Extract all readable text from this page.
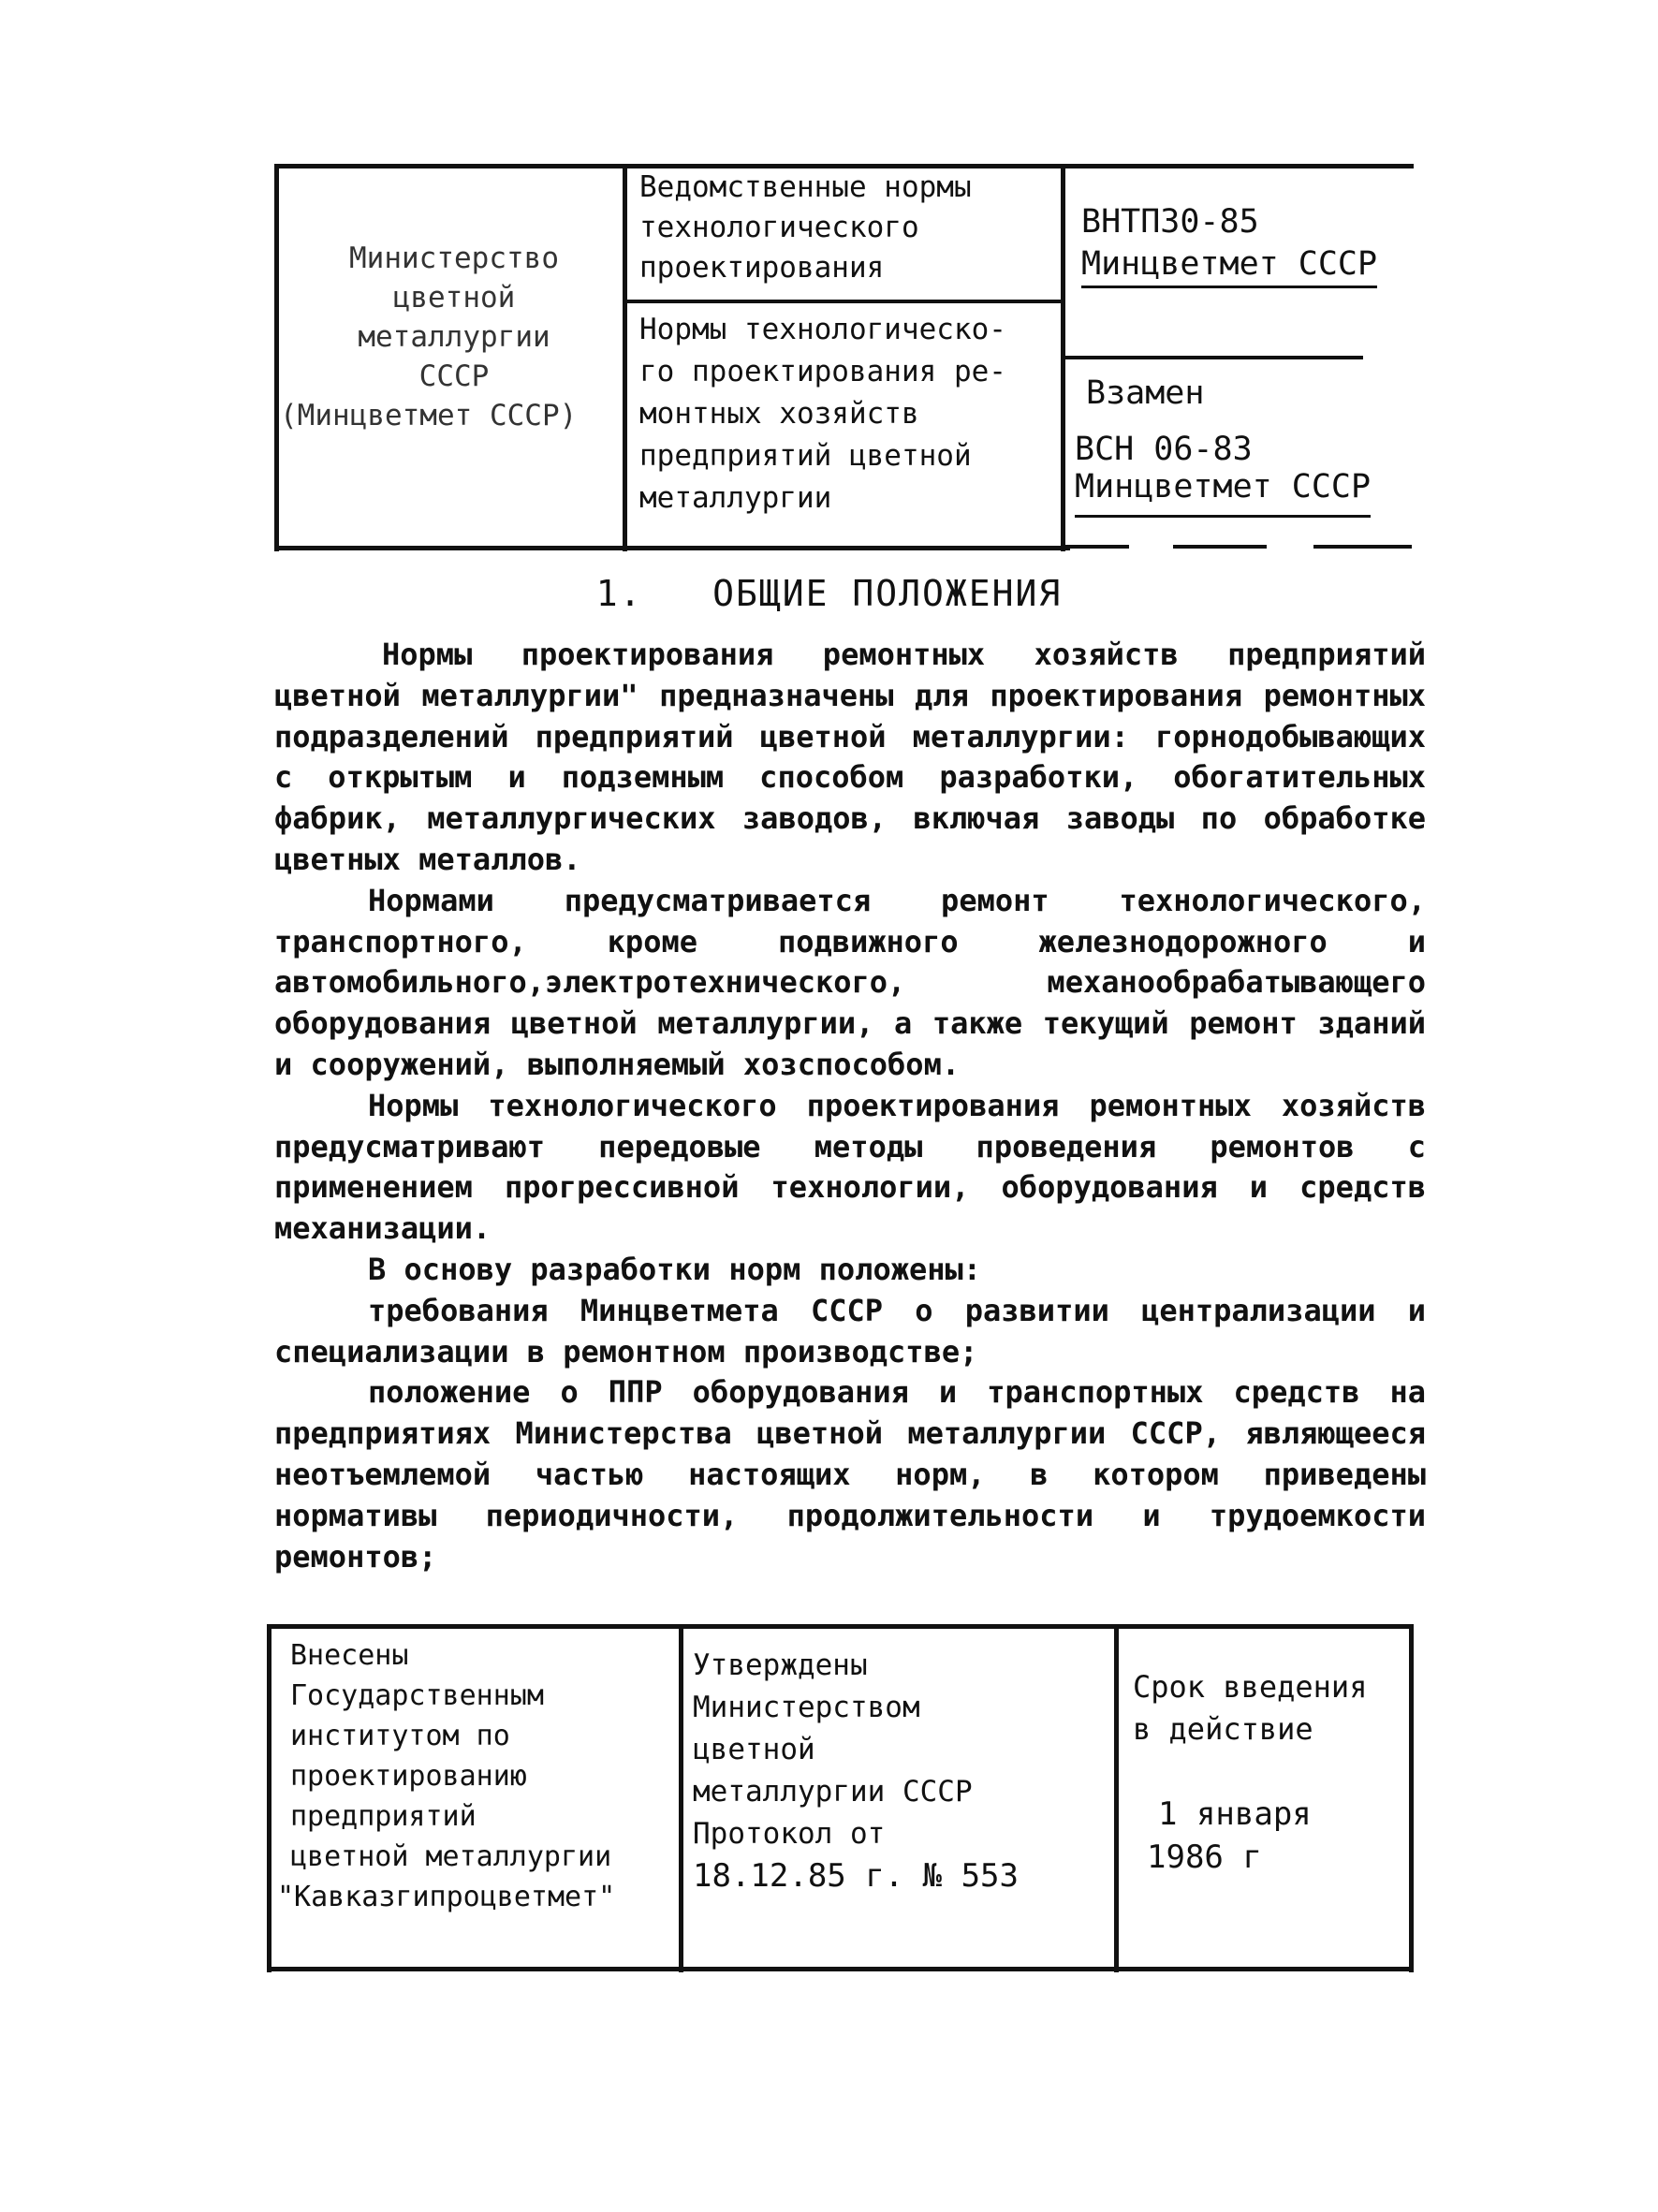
Министерство
цветной
металлургии
СССР
(Минцветмет СССР)
Ведомственные нормы
технологического
проектирования
Нормы технологическо-
го проектирования ре-
монтных хозяйств
предприятий цветной
металлургии
ВНТП30-85
Минцветмет СССР
Взамен
ВСН 06-83
Минцветмет СССР
1. ОБЩИЕ ПОЛОЖЕНИЯ

Нормы проектирования ремонтных хозяйств предприятий цветной металлургии" предназначены для проектирования ремонтных подразделений предприятий цветной металлургии: горнодобывающих с открытым и подземным способом разработки, обогатительных фабрик, металлургических заводов, включая заводы по обработке цветных металлов.

Нормами предусматривается ремонт технологического, транспортного, кроме подвижного железнодорожного и автомобильного,электротехнического, механообрабатывающего оборудования цветной металлургии, а также текущий ремонт зданий и сооружений, выполняемый хозспособом.

Нормы технологического проектирования ремонтных хозяйств предусматривают передовые методы проведения ремонтов с применением прогрессивной технологии, оборудования и средств механизации.

В основу разработки норм положены:

требования Минцветмета СССР о развитии централизации и специализации в ремонтном производстве;

положение о ППР оборудования и транспортных средств на предприятиях Министерства цветной металлургии СССР, являющееся неотъемлемой частью настоящих норм, в котором приведены нормативы периодичности, продолжительности и трудоемкости ремонтов;

Внесены
Государственным
институтом по
проектированию
предприятий
цветной металлургии
"Кавказгипроцветмет"
Утверждены
Министерством
цветной
металлургии СССР
Протокол от
18.12.85 г. № 553
Срок введения
в действие
1 января
1986 г
